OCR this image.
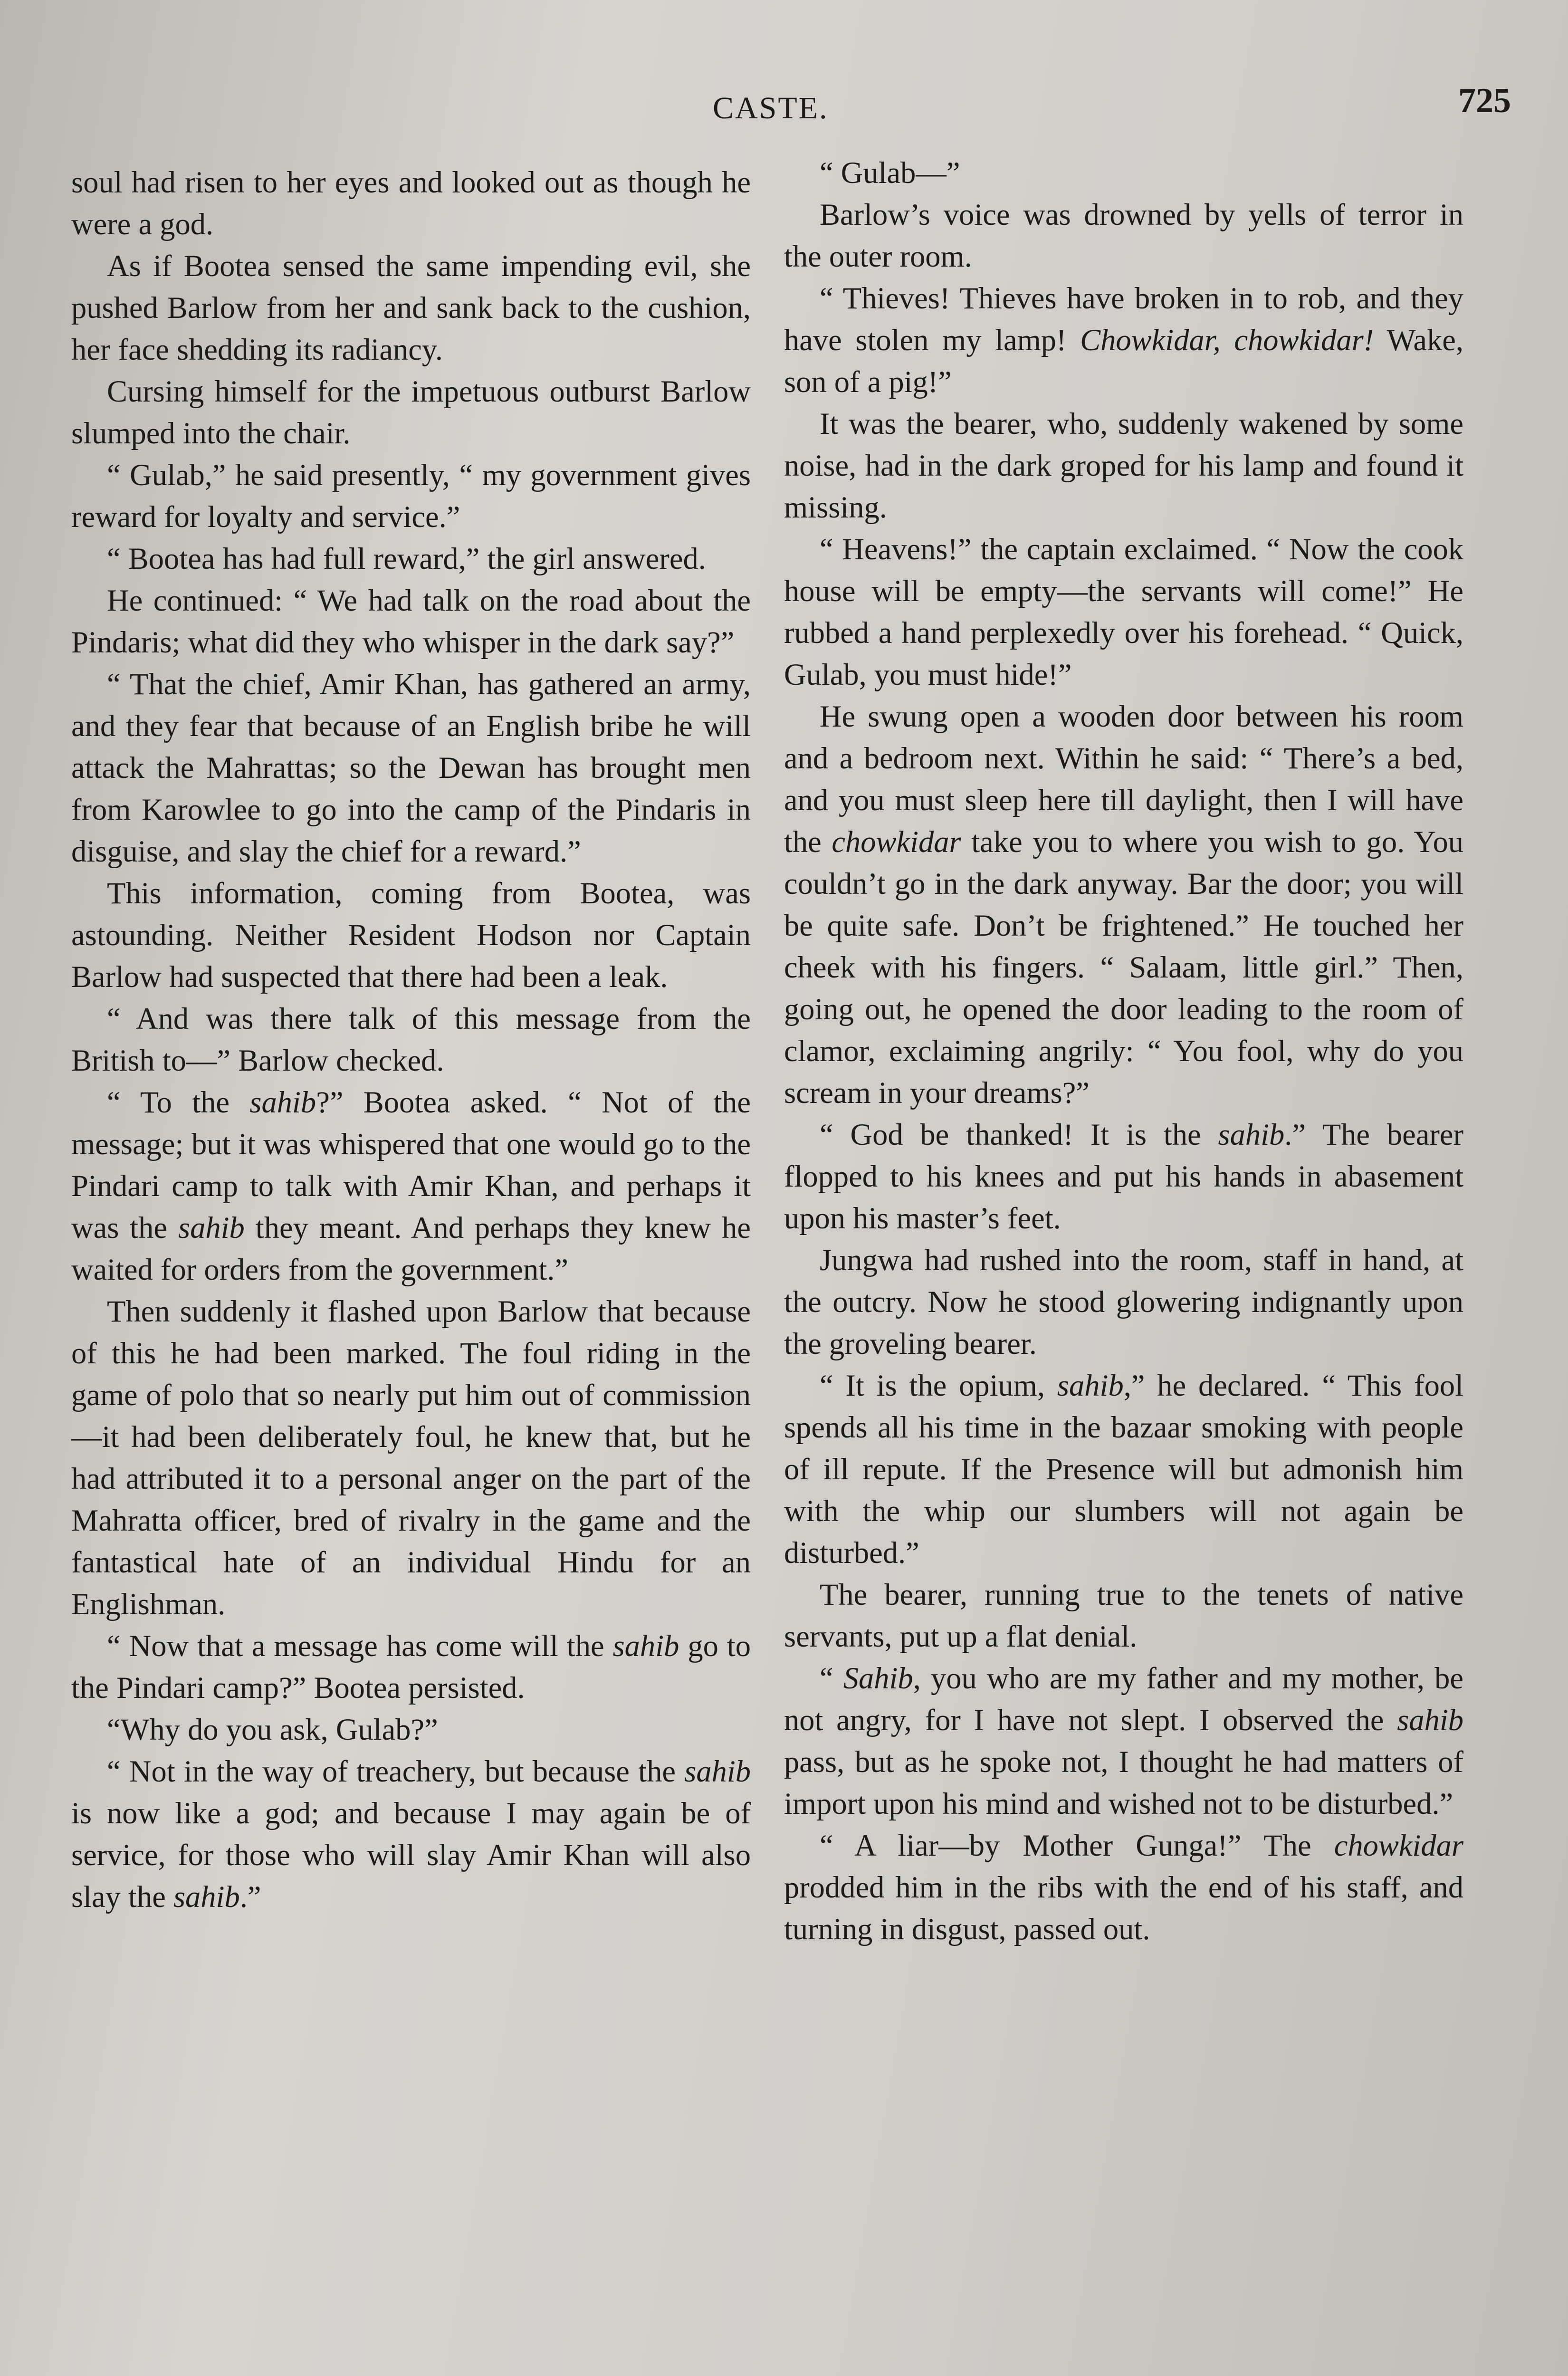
CASTE.	725

soul had risen to her eyes and looked out as though he were a god.

As if Bootea sensed the same impending evil, she pushed Barlow from her and sank back to the cushion, her face shedding its radiancy.

Cursing himself for the impetuous outburst Barlow slumped into the chair.

“ Gulab,” he said presently, “ my government gives reward for loyalty and service.”

“ Bootea has had full reward,” the girl answered.

He continued: “ We had talk on the road about the Pindaris; what did they who whisper in the dark say?”

“ That the chief, Amir Khan, has gathered an army, and they fear that because of an English bribe he will attack the Mahrattas; so the Dewan has brought men from Karowlee to go into the camp of the Pindaris in disguise, and slay the chief for a reward.”

This information, coming from Bootea, was astounding. Neither Resident Hodson nor Captain Barlow had suspected that there had been a leak.

“ And was there talk of this message from the British to—” Barlow checked.

“ To the sahib?” Bootea asked. “ Not of the message; but it was whispered that one would go to the Pindari camp to talk with Amir Khan, and perhaps it was the sahib they meant. And perhaps they knew he waited for orders from the government.”

Then suddenly it flashed upon Barlow that because of this he had been marked. The foul riding in the game of polo that so nearly put him out of commission—it had been deliberately foul, he knew that, but he had attributed it to a personal anger on the part of the Mahratta officer, bred of rivalry in the game and the fantastical hate of an individual Hindu for an Englishman.

“ Now that a message has come will the sahib go to the Pindari camp?” Bootea persisted.

“Why do you ask, Gulab?”

“ Not in the way of treachery, but because the sahib is now like a god; and because I may again be of service, for those who will slay Amir Khan will also slay the sahib.”

“ Gulab—”

Barlow’s voice was drowned by yells of terror in the outer room.

“ Thieves! Thieves have broken in to rob, and they have stolen my lamp! Chowkidar, chowkidar! Wake, son of a pig!”

It was the bearer, who, suddenly wakened by some noise, had in the dark groped for his lamp and found it missing.

“ Heavens!” the captain exclaimed. “ Now the cook house will be empty—the servants will come!” He rubbed a hand perplexedly over his forehead. “ Quick, Gulab, you must hide!”

He swung open a wooden door between his room and a bedroom next. Within he said: “ There’s a bed, and you must sleep here till daylight, then I will have the chowkidar take you to where you wish to go. You couldn’t go in the dark anyway. Bar the door; you will be quite safe. Don’t be frightened.” He touched her cheek with his fingers. “ Salaam, little girl.” Then, going out, he opened the door leading to the room of clamor, exclaiming angrily: “ You fool, why do you scream in your dreams?”

“ God be thanked! It is the sahib.” The bearer flopped to his knees and put his hands in abasement upon his master’s feet.

Jungwa had rushed into the room, staff in hand, at the outcry. Now he stood glowering indignantly upon the groveling bearer.

“ It is the opium, sahib,” he declared. “ This fool spends all his time in the bazaar smoking with people of ill repute. If the Presence will but admonish him with the whip our slumbers will not again be disturbed.”

The bearer, running true to the tenets of native servants, put up a flat denial.

“ Sahib, you who are my father and my mother, be not angry, for I have not slept. I observed the sahib pass, but as he spoke not, I thought he had matters of import upon his mind and wished not to be disturbed.”

“ A liar—by Mother Gunga!” The chowkidar prodded him in the ribs with the end of his staff, and turning in disgust, passed out.
